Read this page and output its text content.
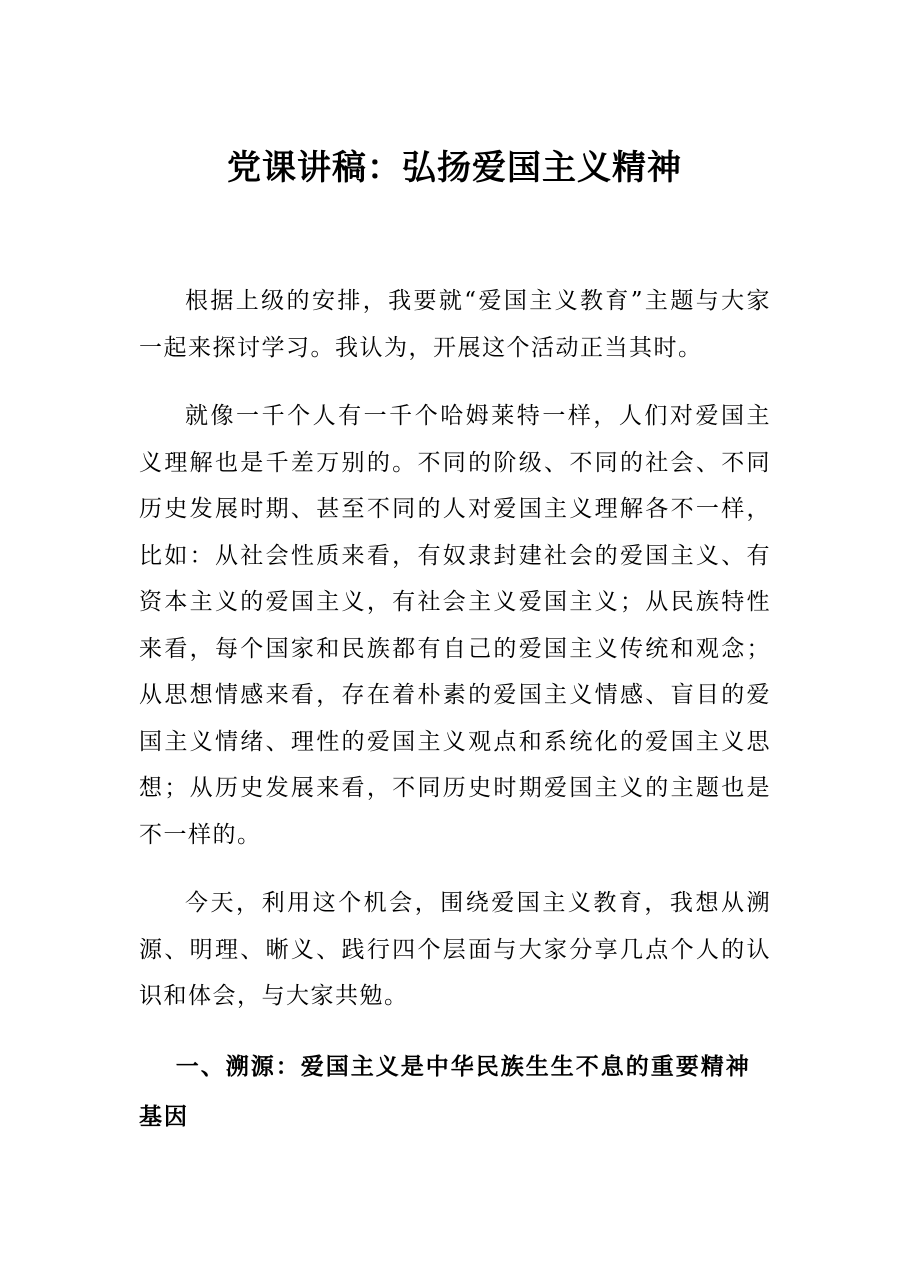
党课讲稿：弘扬爱国主义精神

根据上级的安排，我要就“爱国主义教育”主题与大家一起来探讨学习。我认为，开展这个活动正当其时。

就像一千个人有一千个哈姆莱特一样，人们对爱国主义理解也是千差万别的。不同的阶级、不同的社会、不同历史发展时期、甚至不同的人对爱国主义理解各不一样，比如：从社会性质来看，有奴隶封建社会的爱国主义、有资本主义的爱国主义，有社会主义爱国主义；从民族特性来看，每个国家和民族都有自己的爱国主义传统和观念；从思想情感来看，存在着朴素的爱国主义情感、盲目的爱国主义情绪、理性的爱国主义观点和系统化的爱国主义思想；从历史发展来看，不同历史时期爱国主义的主题也是不一样的。

今天，利用这个机会，围绕爱国主义教育，我想从溯源、明理、晰义、践行四个层面与大家分享几点个人的认识和体会，与大家共勉。

一、溯源：爱国主义是中华民族生生不息的重要精神基因
